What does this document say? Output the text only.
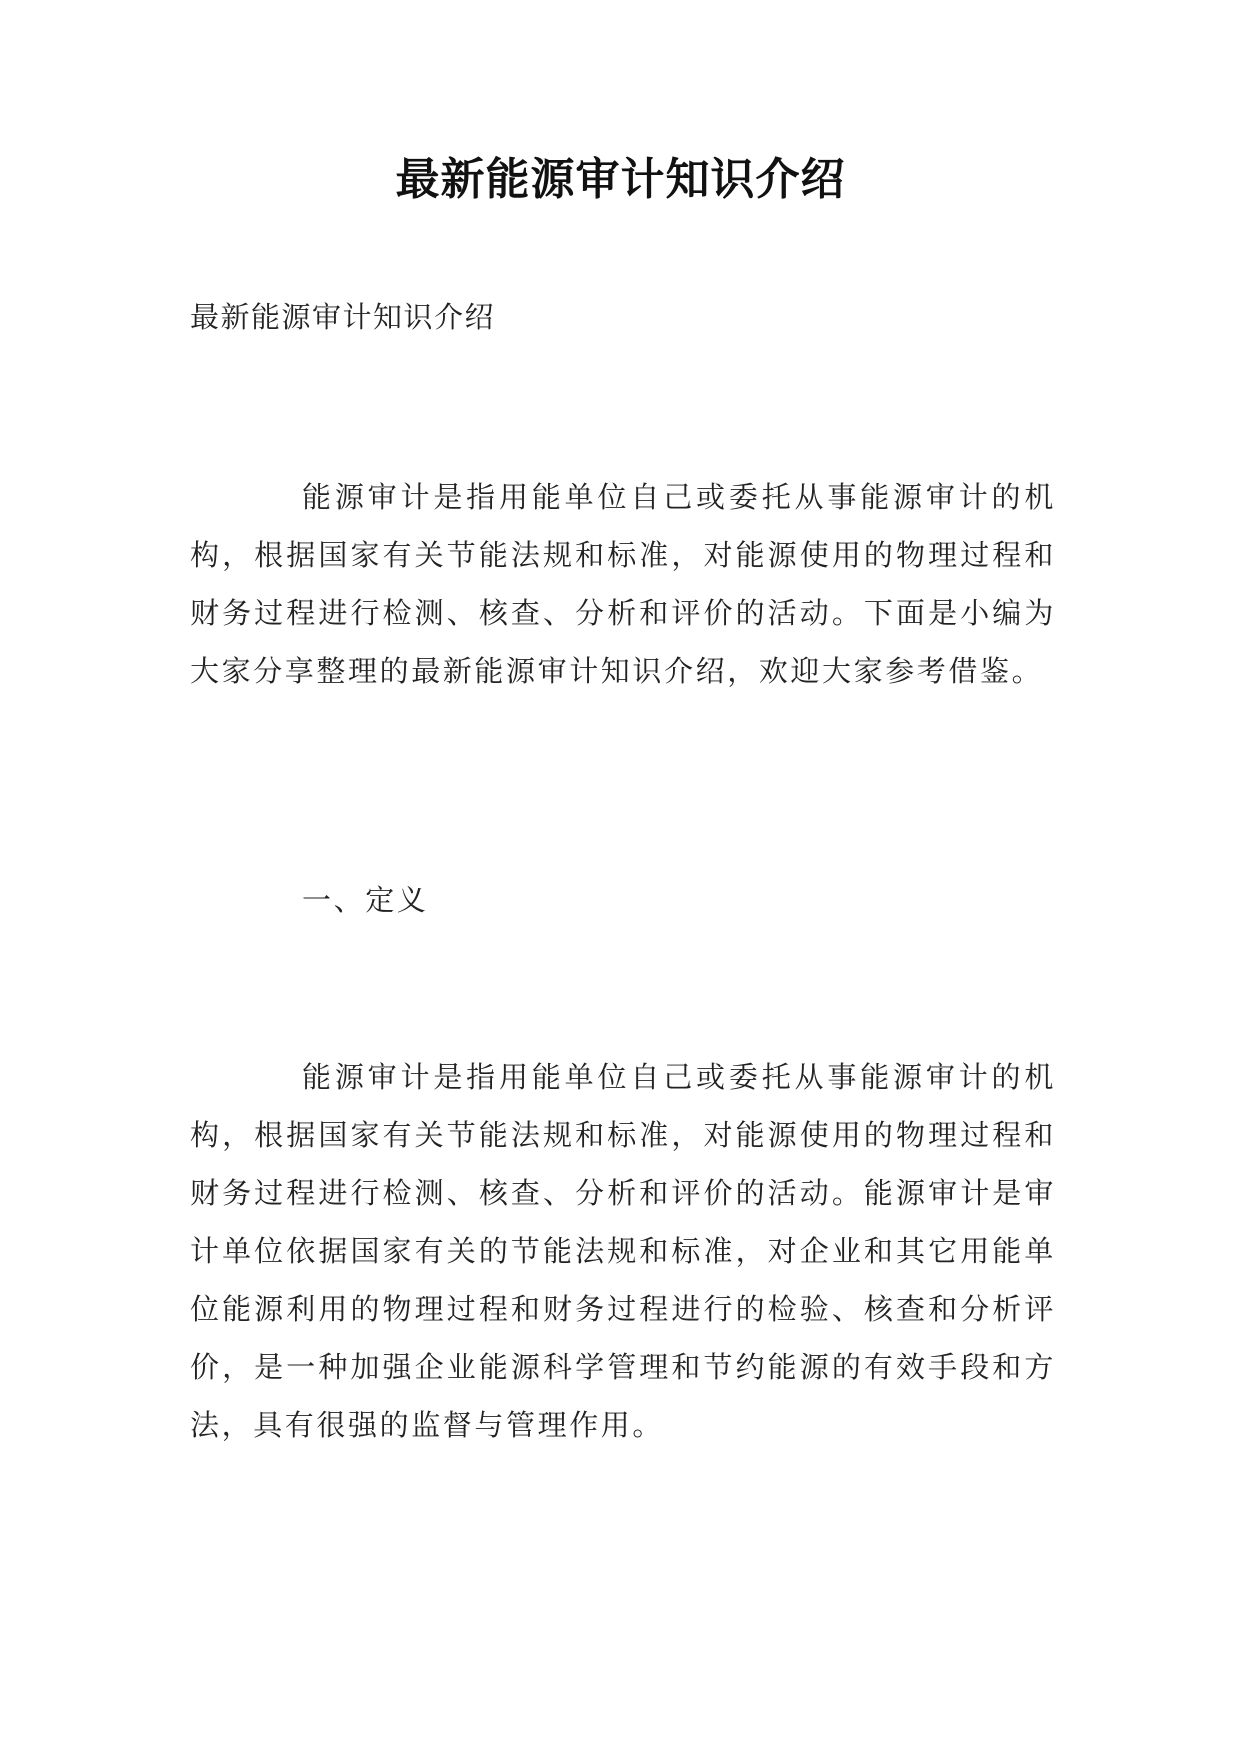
最新能源审计知识介绍

最新能源审计知识介绍

能源审计是指用能单位自己或委托从事能源审计的机构，根据国家有关节能法规和标准，对能源使用的物理过程和财务过程进行检测、核查、分析和评价的活动。下面是小编为大家分享整理的最新能源审计知识介绍，欢迎大家参考借鉴。

一、定义

能源审计是指用能单位自己或委托从事能源审计的机构，根据国家有关节能法规和标准，对能源使用的物理过程和财务过程进行检测、核查、分析和评价的活动。能源审计是审计单位依据国家有关的节能法规和标准，对企业和其它用能单位能源利用的物理过程和财务过程进行的检验、核查和分析评价，是一种加强企业能源科学管理和节约能源的有效手段和方法，具有很强的监督与管理作用。
